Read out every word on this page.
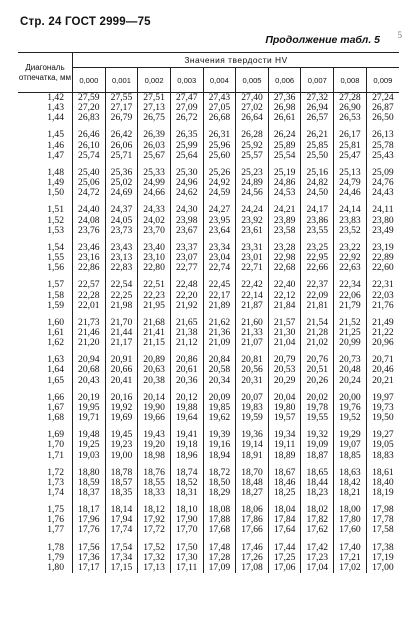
Стр. 24 ГОСТ 2999—75
5
Продолжение табл. 5
Диагональ
отпечатка, мм	Значения твердости HV									
	0,000	0,001	0,002	0,003	0,004	0,005	0,006	0,007	0,008	0,009
1,42	27,59	27,55	27,51	27,47	27,43	27,40	27,36	27,32	27,28	27,24
1,43	27,20	27,17	27,13	27,09	27,05	27,02	26,98	26,94	26,90	26,87
1,44	26,83	26,79	26,75	26,72	26,68	26,64	26,61	26,57	26,53	26,50

1,45	26,46	26,42	26,39	26,35	26,31	26,28	26,24	26,21	26,17	26,13
1,46	26,10	26,06	26,03	25,99	25,96	25,92	25,89	25,85	25,81	25,78
1,47	25,74	25,71	25,67	25,64	25,60	25,57	25,54	25,50	25,47	25,43

1,48	25,40	25,36	25,33	25,30	25,26	25,23	25,19	25,16	25,13	25,09
1,49	25,06	25,02	24,99	24,96	24,92	24,89	24,86	24,82	24,79	24,76
1,50	24,72	24,69	24,66	24,62	24,59	24,56	24,53	24,50	24,46	24,43

1,51	24,40	24,37	24,33	24,30	24,27	24,24	24,21	24,17	24,14	24,11
1,52	24,08	24,05	24,02	23,98	23,95	23,92	23,89	23,86	23,83	23,80
1,53	23,76	23,73	23,70	23,67	23,64	23,61	23,58	23,55	23,52	23,49

1,54	23,46	23,43	23,40	23,37	23,34	23,31	23,28	23,25	23,22	23,19
1,55	23,16	23,13	23,10	23,07	23,04	23,01	22,98	22,95	22,92	22,89
1,56	22,86	22,83	22,80	22,77	22,74	22,71	22,68	22,66	22,63	22,60

1,57	22,57	22,54	22,51	22,48	22,45	22,42	22,40	22,37	22,34	22,31
1,58	22,28	22,25	22,23	22,20	22,17	22,14	22,12	22,09	22,06	22,03
1,59	22,01	21,98	21,95	21,92	21,89	21,87	21,84	21,81	21,79	21,76

1,60	21,73	21,70	21,68	21,65	21,62	21,60	21,57	21,54	21,52	21,49
1,61	21,46	21,44	21,41	21,38	21,36	21,33	21,30	21,28	21,25	21,22
1,62	21,20	21,17	21,15	21,12	21,09	21,07	21,04	21,02	20,99	20,96

1,63	20,94	20,91	20,89	20,86	20,84	20,81	20,79	20,76	20,73	20,71
1,64	20,68	20,66	20,63	20,61	20,58	20,56	20,53	20,51	20,48	20,46
1,65	20,43	20,41	20,38	20,36	20,34	20,31	20,29	20,26	20,24	20,21

1,66	20,19	20,16	20,14	20,12	20,09	20,07	20,04	20,02	20,00	19,97
1,67	19,95	19,92	19,90	19,88	19,85	19,83	19,80	19,78	19,76	19,73
1,68	19,71	19,69	19,66	19,64	19,62	19,59	19,57	19,55	19,52	19,50

1,69	19,48	19,45	19,43	19,41	19,39	19,36	19,34	19,32	19,29	19,27
1,70	19,25	19,23	19,20	19,18	19,16	19,14	19,11	19,09	19,07	19,05
1,71	19,03	19,00	18,98	18,96	18,94	18,91	18,89	18,87	18,85	18,83

1,72	18,80	18,78	18,76	18,74	18,72	18,70	18,67	18,65	18,63	18,61
1,73	18,59	18,57	18,55	18,52	18,50	18,48	18,46	18,44	18,42	18,40
1,74	18,37	18,35	18,33	18,31	18,29	18,27	18,25	18,23	18,21	18,19

1,75	18,17	18,14	18,12	18,10	18,08	18,06	18,04	18,02	18,00	17,98
1,76	17,96	17,94	17,92	17,90	17,88	17,86	17,84	17,82	17,80	17,78
1,77	17,76	17,74	17,72	17,70	17,68	17,66	17,64	17,62	17,60	17,58

1,78	17,56	17,54	17,52	17,50	17,48	17,46	17,44	17,42	17,40	17,38
1,79	17,36	17,34	17,32	17,30	17,28	17,26	17,25	17,23	17,21	17,19
1,80	17,17	17,15	17,13	17,11	17,09	17,08	17,06	17,04	17,02	17,00
